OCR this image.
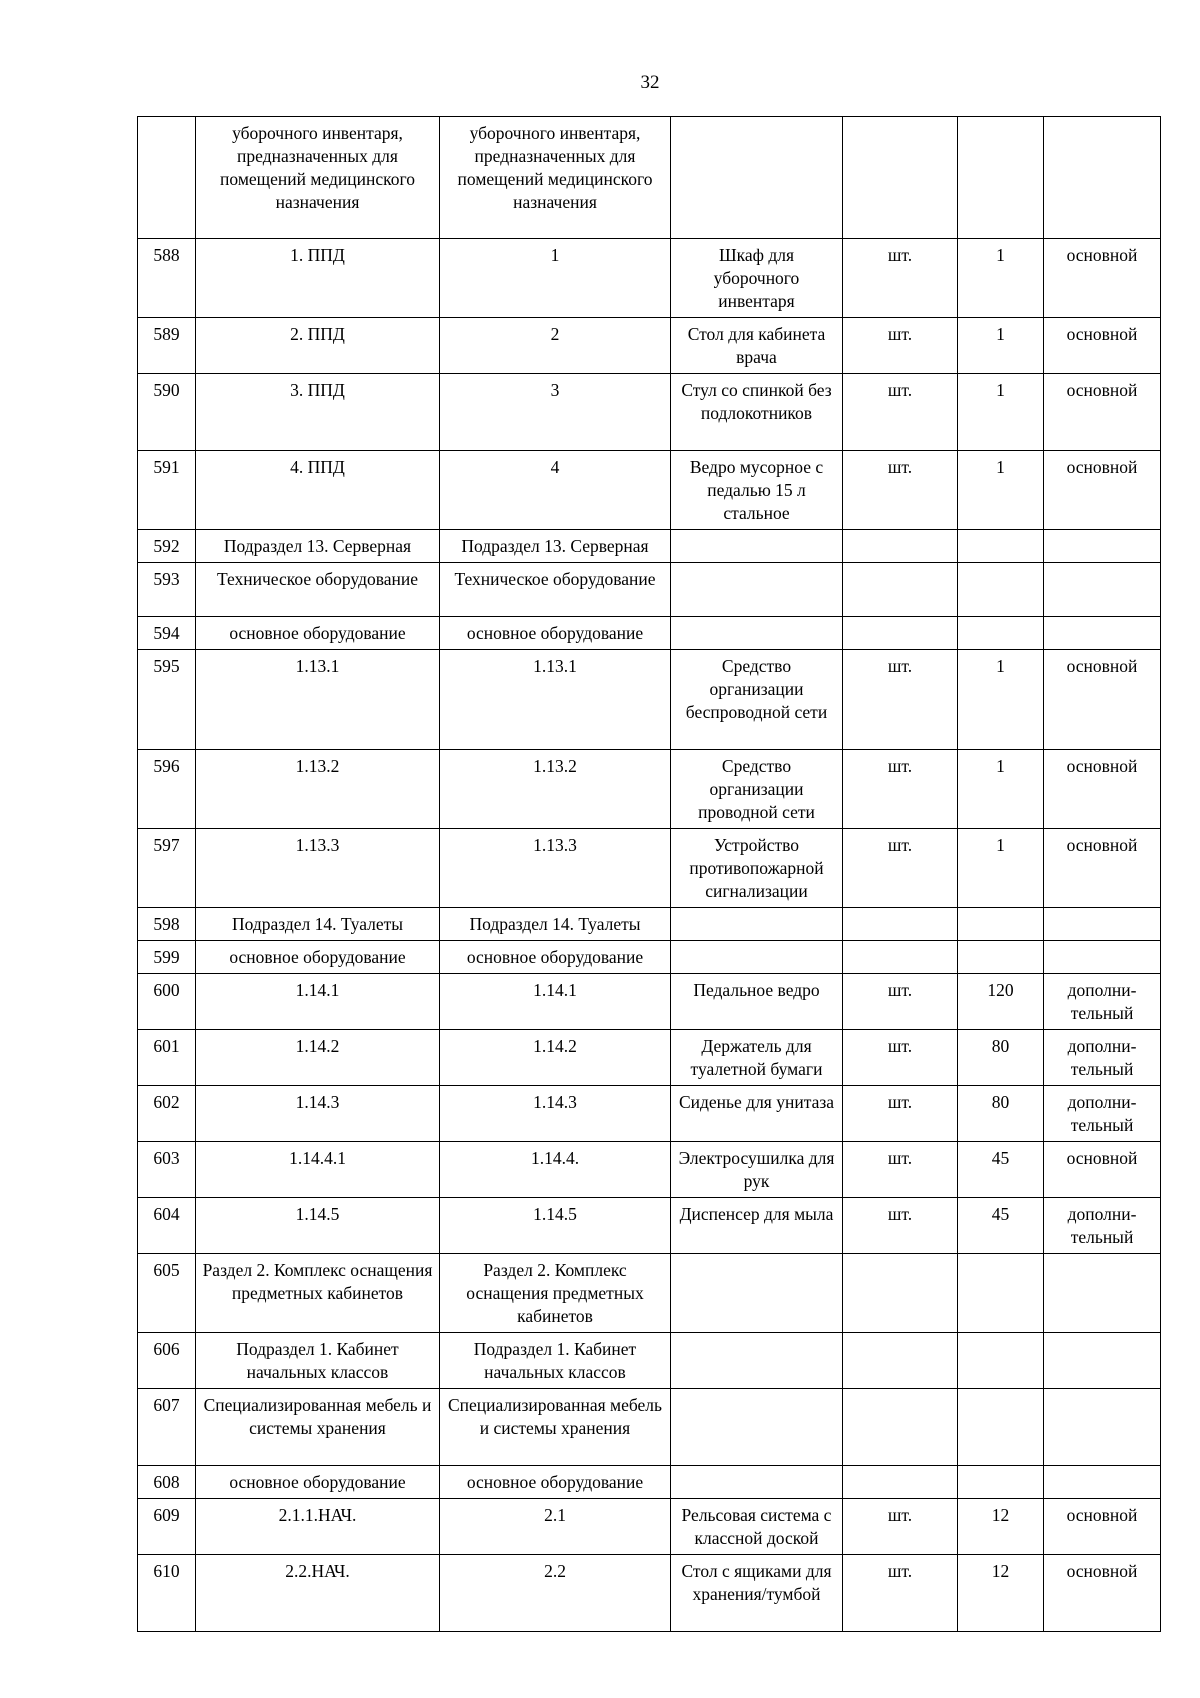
32

	уборочного инвентаря, предназначенных для помещений медицинского назначения	уборочного инвентаря, предназначенных для помещений медицинского назначения				

588	1. ППД	1	Шкаф для уборочного инвентаря	шт.	1	основной

589	2. ППД	2	Стол для кабинета врача	шт.	1	основной

590	3. ППД	3	Стул со спинкой без подлокотников	шт.	1	основной

591	4. ППД	4	Ведро мусорное с педалью 15 л стальное	шт.	1	основной

592	Подраздел 13. Серверная	Подраздел 13. Серверная				

593	Техническое оборудование	Техническое оборудование				

594	основное оборудование	основное оборудование				

595	1.13.1	1.13.1	Средство организации беспроводной сети	шт.	1	основной

596	1.13.2	1.13.2	Средство организации проводной сети	шт.	1	основной

597	1.13.3	1.13.3	Устройство противопожарной сигнализации	шт.	1	основной

598	Подраздел 14. Туалеты	Подраздел 14. Туалеты				

599	основное оборудование	основное оборудование				

600	1.14.1	1.14.1	Педальное ведро	шт.	120	дополни-
тельный

601	1.14.2	1.14.2	Держатель для туалетной бумаги	шт.	80	дополни-
тельный

602	1.14.3	1.14.3	Сиденье для унитаза	шт.	80	дополни-
тельный

603	1.14.4.1	1.14.4.	Электросушилка для рук	шт.	45	основной

604	1.14.5	1.14.5	Диспенсер для мыла	шт.	45	дополни-
тельный

605	Раздел 2. Комплекс оснащения предметных кабинетов	Раздел 2. Комплекс оснащения предметных кабинетов				

606	Подраздел 1. Кабинет начальных классов	Подраздел 1. Кабинет начальных классов				

607	Специализированная мебель и системы хранения	Специализированная мебель и системы хранения				

608	основное оборудование	основное оборудование				

609	2.1.1.НАЧ.	2.1	Рельсовая система с классной доской	шт.	12	основной

610	2.2.НАЧ.	2.2	Стол с ящиками для хранения/тумбой	шт.	12	основной
